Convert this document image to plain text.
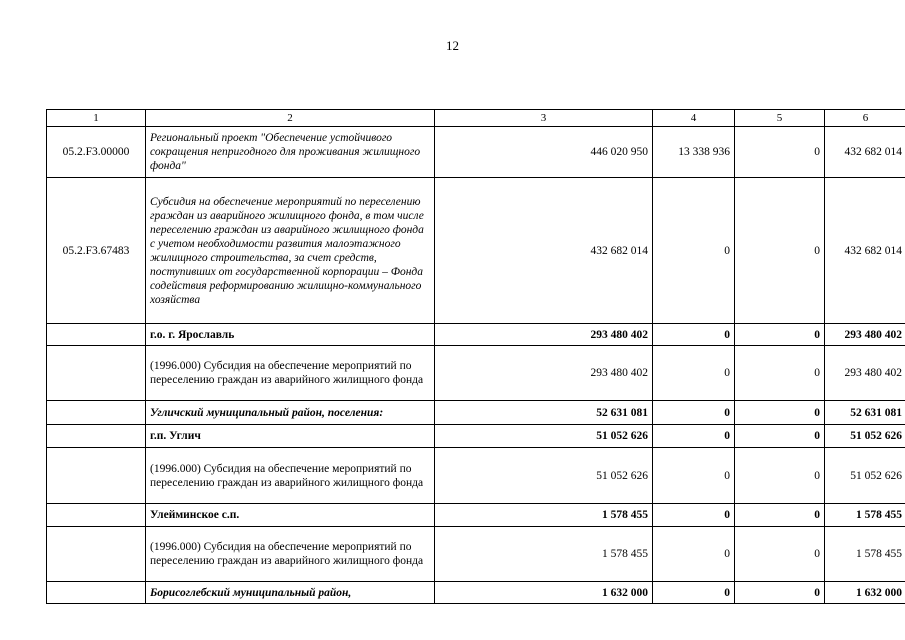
12
1	2	3	4	5	6
05.2.F3.00000	Региональный проект "Обеспечение устойчивого сокращения непригодного для проживания жилищного фонда"	446 020 950	13 338 936	0	432 682 014
05.2.F3.67483	Субсидия на обеспечение мероприятий по переселению граждан из аварийного жилищного фонда, в том числе переселению граждан из аварийного жилищного фонда с учетом необходимости развития малоэтажного жилищного строительства, за счет средств, поступивших от государственной корпорации – Фонда содействия реформированию жилищно-коммунального хозяйства	432 682 014	0	0	432 682 014
	г.о. г. Ярославль	293 480 402	0	0	293 480 402
	(1996.000) Субсидия на обеспечение мероприятий по переселению граждан из аварийного жилищного фонда	293 480 402	0	0	293 480 402
	Угличский муниципальный район, поселения:	52 631 081	0	0	52 631 081
	г.п. Углич	51 052 626	0	0	51 052 626
	(1996.000) Субсидия на обеспечение мероприятий по переселению граждан из аварийного жилищного фонда	51 052 626	0	0	51 052 626
	Улейминское с.п.	1 578 455	0	0	1 578 455
	(1996.000) Субсидия на обеспечение мероприятий по переселению граждан из аварийного жилищного фонда	1 578 455	0	0	1 578 455
	Борисоглебский муниципальный район,	1 632 000	0	0	1 632 000
